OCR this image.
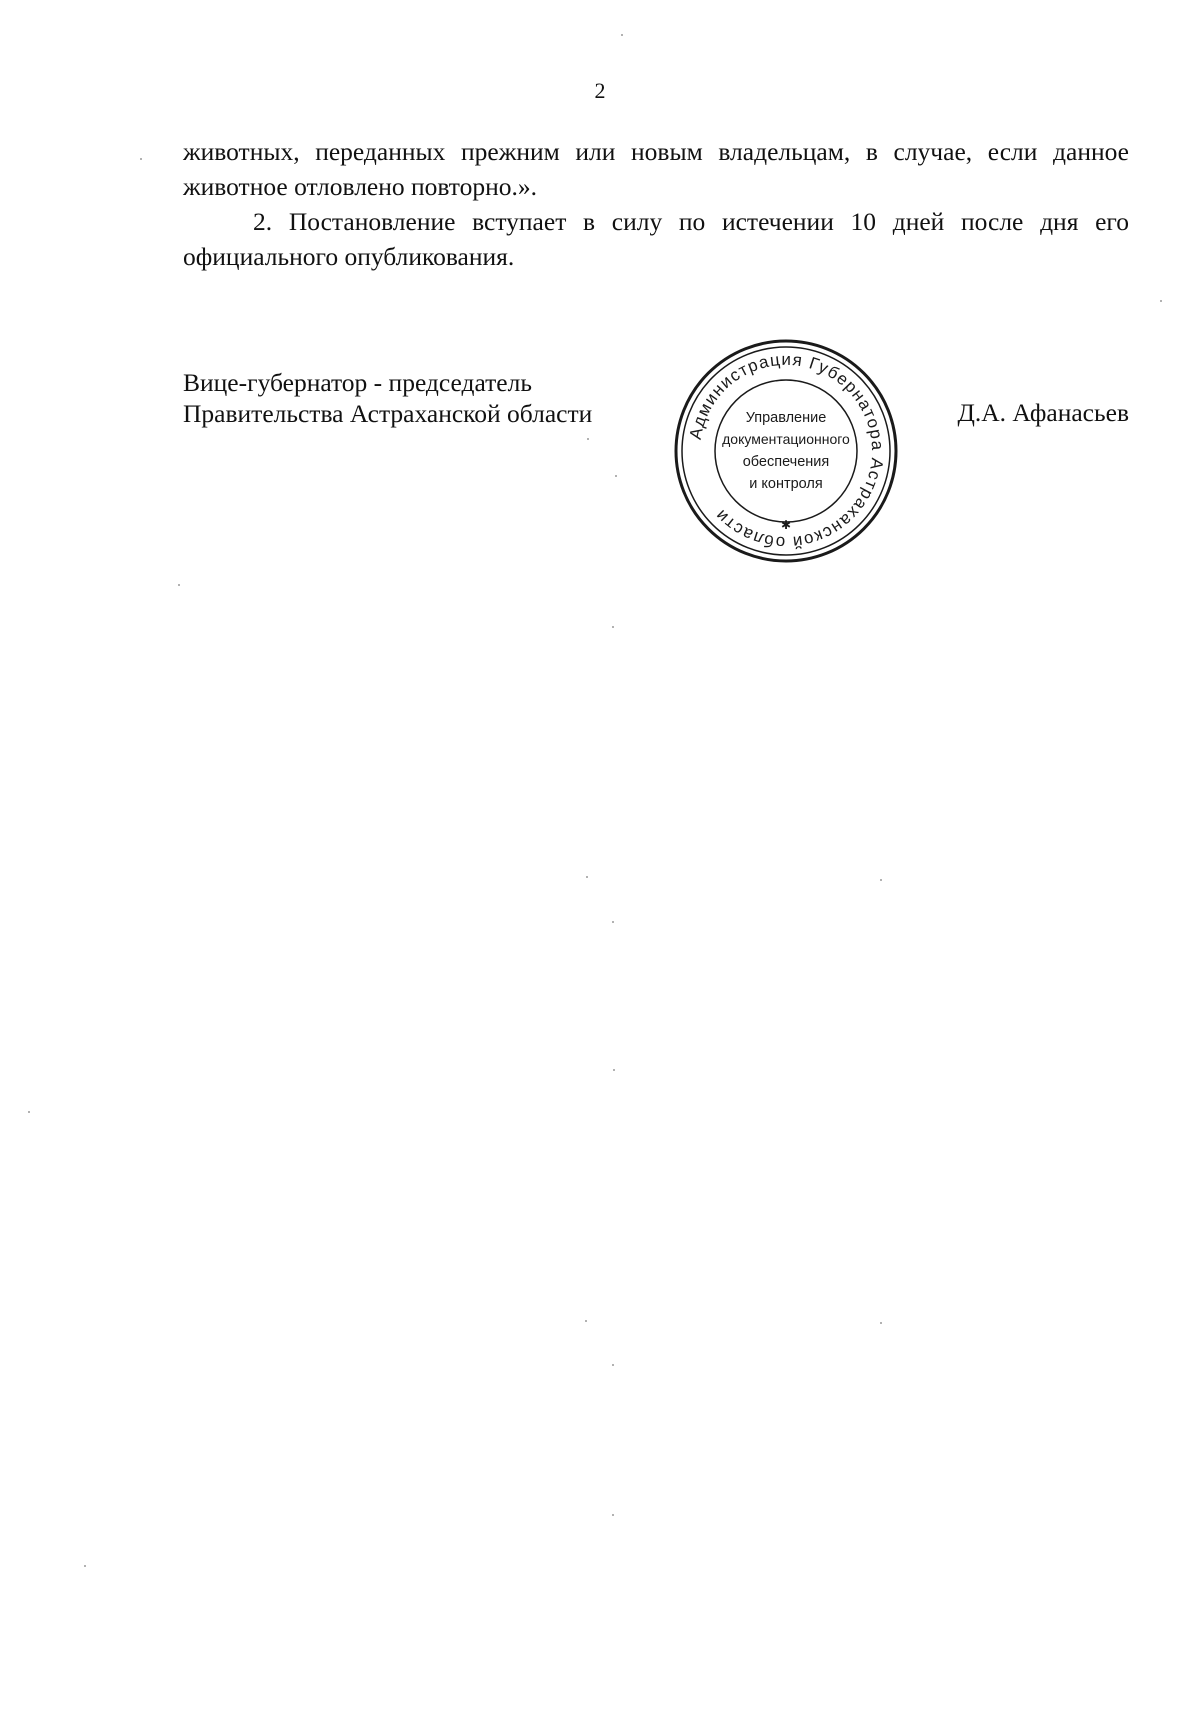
2

животных, переданных прежним или новым владельцам, в случае, если данное животное отловлено повторно.».

2. Постановление вступает в силу по истечении 10 дней после дня его официального опубликования.

Вице-губернатор - председатель
Правительства Астраханской области
Администрация Губернатора Астраханской области	✱
Управление
документационного
обеспечения
и контроля
Д.А. Афанасьев
